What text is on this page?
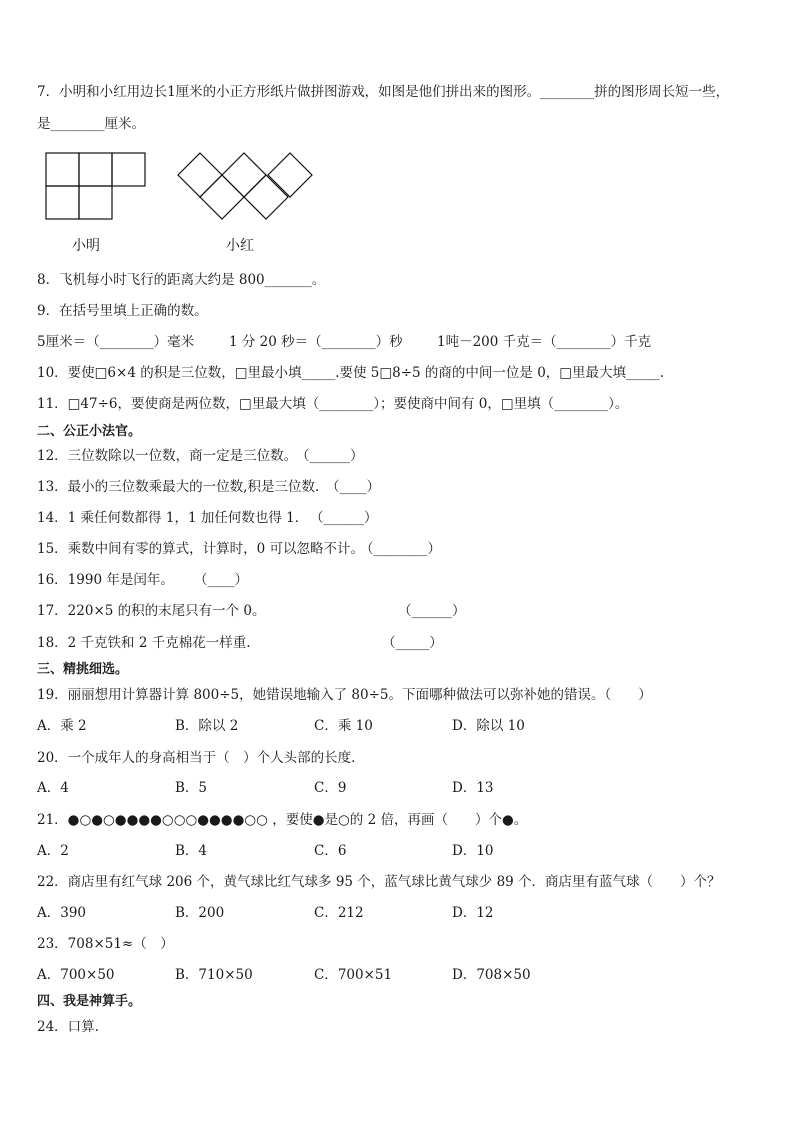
7．小明和小红用边长1厘米的小正方形纸片做拼图游戏，如图是他们拼出来的图形。________拼的图形周长短一些，
是________厘米。
小明	小红
8．飞机每小时飞行的距离大约是 800_______。
9．在括号里填上正确的数。
5厘米＝（________）毫米	1 分 20 秒＝（________）秒	1吨－200 千克＝（________）千克
10．要使□6×4 的积是三位数，□里最小填_____.要使 5□8÷5 的商的中间一位是 0，□里最大填_____.
11．□47÷6，要使商是两位数，□里最大填（________）；要使商中间有 0，□里填（________）。
二、公正小法官。
12．三位数除以一位数，商一定是三位数。
（______）
13．最小的三位数乘最大的一位数,积是三位数. （____）
14．1 乘任何数都得 1，1 加任何数也得 1． （______）
15．乘数中间有零的算式，计算时，0 可以忽略不计。
（________）
16．1990 年是闰年。 （____）
17．220×5 的积的末尾只有一个 0。	（______）
18．2 千克铁和 2 千克棉花一样重.	（_____）
三、精挑细选。
19．丽丽想用计算器计算 800÷5，她错误地输入了 80÷5。下面哪种做法可以弥补她的错误。（　　）
A．乘 2	B．除以 2	C．乘 10	D．除以 10
20．一个成年人的身高相当于（　）个人头部的长度.
A．4	B．5	C．9	D．13
21．●○●○●●●●○○○●●●●○○ ，要使●是○的 2 倍，再画（　　）个●。
A．2	B．4	C．6	D．10
22．商店里有红气球 206 个，黄气球比红气球多 95 个，蓝气球比黄气球少 89 个．商店里有蓝气球（　　）个？
A．390	B．200	C．212	D．12
23．708×51≈（　）
A．700×50	B．710×50	C．700×51	D．708×50
四、我是神算手。
24．口算.
